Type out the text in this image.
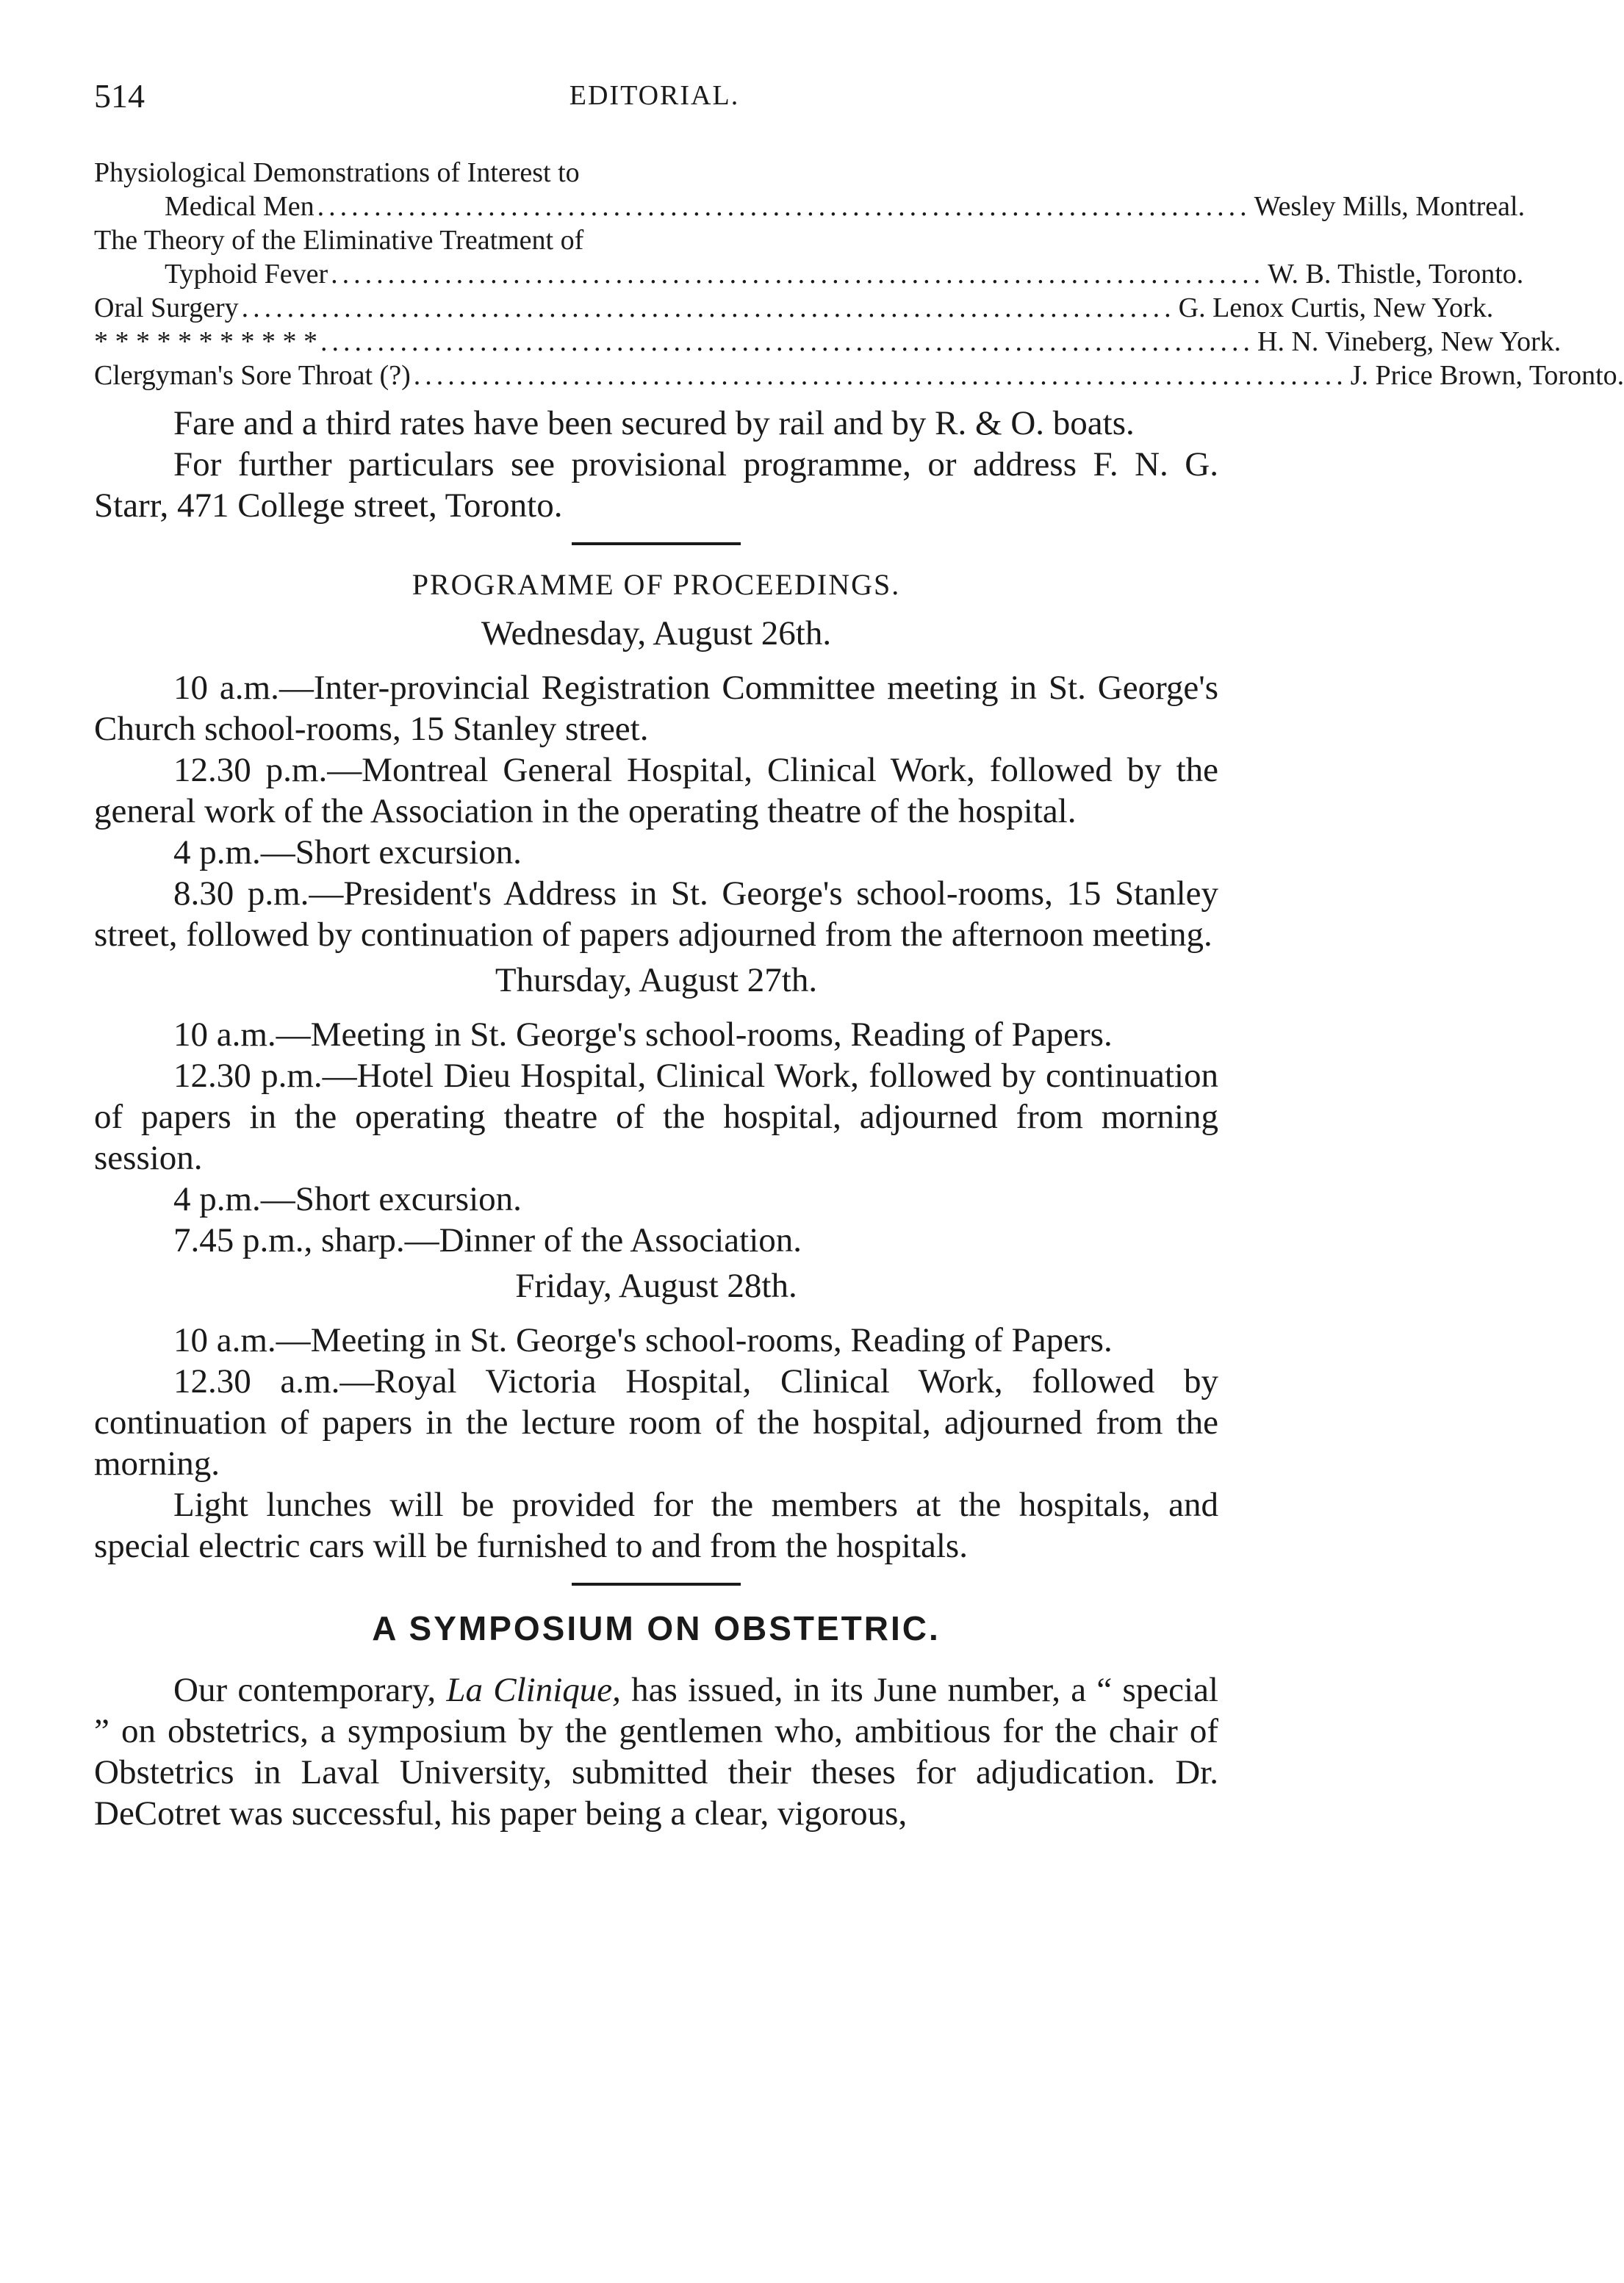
514	EDITORIAL.
Physiological Demonstrations of Interest to
Medical Men .................................................................................. Wesley Mills, Montreal.
The Theory of the Eliminative Treatment of
Typhoid Fever .................................................................................. W. B. Thistle, Toronto.
Oral Surgery .................................................................................. G. Lenox Curtis, New York.
* * * * * * * * * * * .................................................................................. H. N. Vineberg, New York.
Clergyman's Sore Throat (?) .................................................................................. J. Price Brown, Toronto.

Fare and a third rates have been secured by rail and by R. & O. boats.

For further particulars see provisional programme, or address F. N. G. Starr, 471 College street, Toronto.

PROGRAMME OF PROCEEDINGS.
Wednesday, August 26th.

10 a.m.—Inter-provincial Registration Committee meeting in St. George's Church school-rooms, 15 Stanley street.

12.30 p.m.—Montreal General Hospital, Clinical Work, followed by the general work of the Association in the operating theatre of the hospital.

4 p.m.—Short excursion.

8.30 p.m.—President's Address in St. George's school-rooms, 15 Stanley street, followed by continuation of papers adjourned from the afternoon meeting.

Thursday, August 27th.

10 a.m.—Meeting in St. George's school-rooms, Reading of Papers.

12.30 p.m.—Hotel Dieu Hospital, Clinical Work, followed by continuation of papers in the operating theatre of the hospital, adjourned from morning session.

4 p.m.—Short excursion.

7.45 p.m., sharp.—Dinner of the Association.

Friday, August 28th.

10 a.m.—Meeting in St. George's school-rooms, Reading of Papers.

12.30 a.m.—Royal Victoria Hospital, Clinical Work, followed by continuation of papers in the lecture room of the hospital, adjourned from the morning.

Light lunches will be provided for the members at the hospitals, and special electric cars will be furnished to and from the hospitals.

A SYMPOSIUM ON OBSTETRIC.

Our contemporary, La Clinique, has issued, in its June number, a “ special ” on obstetrics, a symposium by the gentlemen who, ambitious for the chair of Obstetrics in Laval University, submitted their theses for adjudication. Dr. DeCotret was successful, his paper being a clear, vigorous,
